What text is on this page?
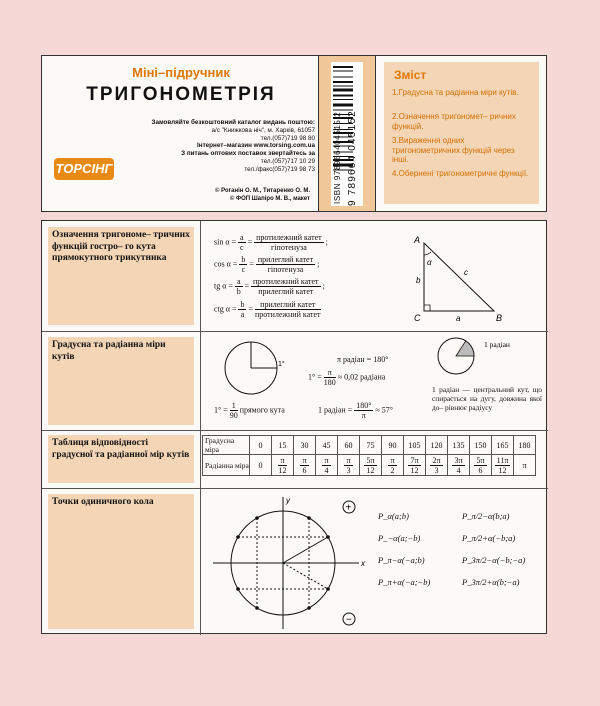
Міні–підручник
ТРИГОНОМЕТРІЯ
Замовляйте безкоштовний каталог видань поштою:
а/с "Книжкова ніч", м. Харків, 61057
тел.(057)719 98 80
Інтернет–магазин www.torsing.com.ua
З питань оптових поставок звертайтесь за
тел.(057)717 10 29
тел./факс(057)719 98 73
ТОРСІНГ
© Роганін О. М., Титаренко О. М.
© ФОП Шапіро М. В., макет	ISBN 978966404515 2 9 789664 045152
Зміст
1.Градусна та радіанна міри кутів.
2.Означення тригономет– ричних функцій.
3.Вираження одних тригонометричних функцій через інші.
4.Обернені тригонометричні функції.
Означення тригономе– тричних функцій гостро– го кута прямокутного трикутника
$\sin \alpha = \frac{a}{c}$ = протилежний катет
гіпотенуза
;
$\cos \alpha = \frac{b}{c}$ = прилеглий катет
гіпотенуза
;
tg $\alpha = \frac{a}{b}$ = протилежний катет
прилеглий катет
;
ctg $\alpha = \frac{b}{a}$ = прилеглий катет
протилежний катет
A
B
C
c
b
a
α
Градусна та радіанна міри кутів
1°
π радіан = 180°
$1^\circ = \frac{\pi}{180} \approx 0,02$ радіана
$1^\circ = \frac{1}{90}$ прямого кута	1 радіан = $\frac{180^\circ}{\pi} \approx 57^\circ$
1 радіан
1 радіан — центральний кут, що спирається на дугу, довжина якої до– рівнює радіусу
Таблиця відповідності градусної та радіанної мір кутів
Градусна міра	0	15	30	45	60	75	90	105	120	135	150	165	180
Радіанна міра	0	$\frac{\pi}{12}$	$\frac{\pi}{6}$	$\frac{\pi}{4}$	$\frac{\pi}{3}$	$\frac{5\pi}{12}$	$\frac{\pi}{2}$	$\frac{7\pi}{12}$	$\frac{2\pi}{3}$	$\frac{3\pi}{4}$	$\frac{5\pi}{6}$	$\frac{11\pi}{12}$	π
Точки одиничного кола
x
y
+
−
P_α(a;b)
P_−α(a;−b)
P_π−α(−a;b)
P_π+α(−a;−b)
P_π/2−α(b;a)
P_π/2+α(−b;a)
P_3π/2−α(−b;−a)
P_3π/2+α(b;−a)
